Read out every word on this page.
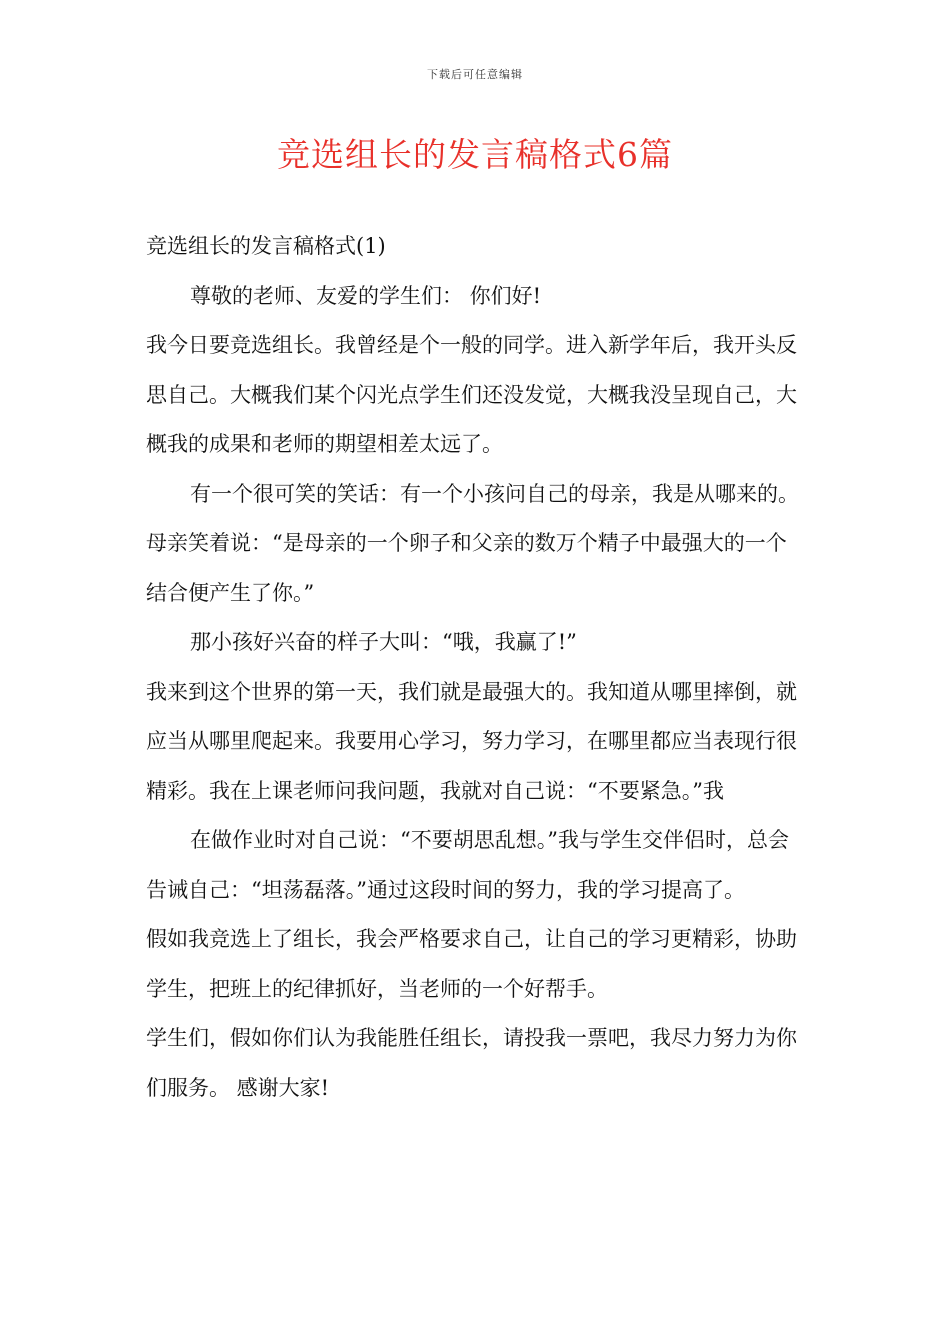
下载后可任意编辑
竞选组长的发言稿格式6篇

竞选组长的发言稿格式(1)

尊敬的老师、友爱的学生们： 你们好!

我今日要竞选组长。我曾经是个一般的同学。进入新学年后，我开头反思自己。大概我们某个闪光点学生们还没发觉，大概我没呈现自己，大概我的成果和老师的期望相差太远了。

有一个很可笑的笑话：有一个小孩问自己的母亲，我是从哪来的。母亲笑着说：“是母亲的一个卵子和父亲的数万个精子中最强大的一个结合便产生了你。”

那小孩好兴奋的样子大叫：“哦，我赢了!”

我来到这个世界的第一天，我们就是最强大的。我知道从哪里摔倒，就应当从哪里爬起来。我要用心学习，努力学习，在哪里都应当表现行很精彩。我在上课老师问我问题，我就对自己说：“不要紧急。”我

在做作业时对自己说：“不要胡思乱想。”我与学生交伴侣时，总会告诫自己：“坦荡磊落。”通过这段时间的努力，我的学习提高了。

假如我竞选上了组长，我会严格要求自己，让自己的学习更精彩，协助学生，把班上的纪律抓好，当老师的一个好帮手。

学生们，假如你们认为我能胜任组长，请投我一票吧，我尽力努力为你们服务。 感谢大家!
